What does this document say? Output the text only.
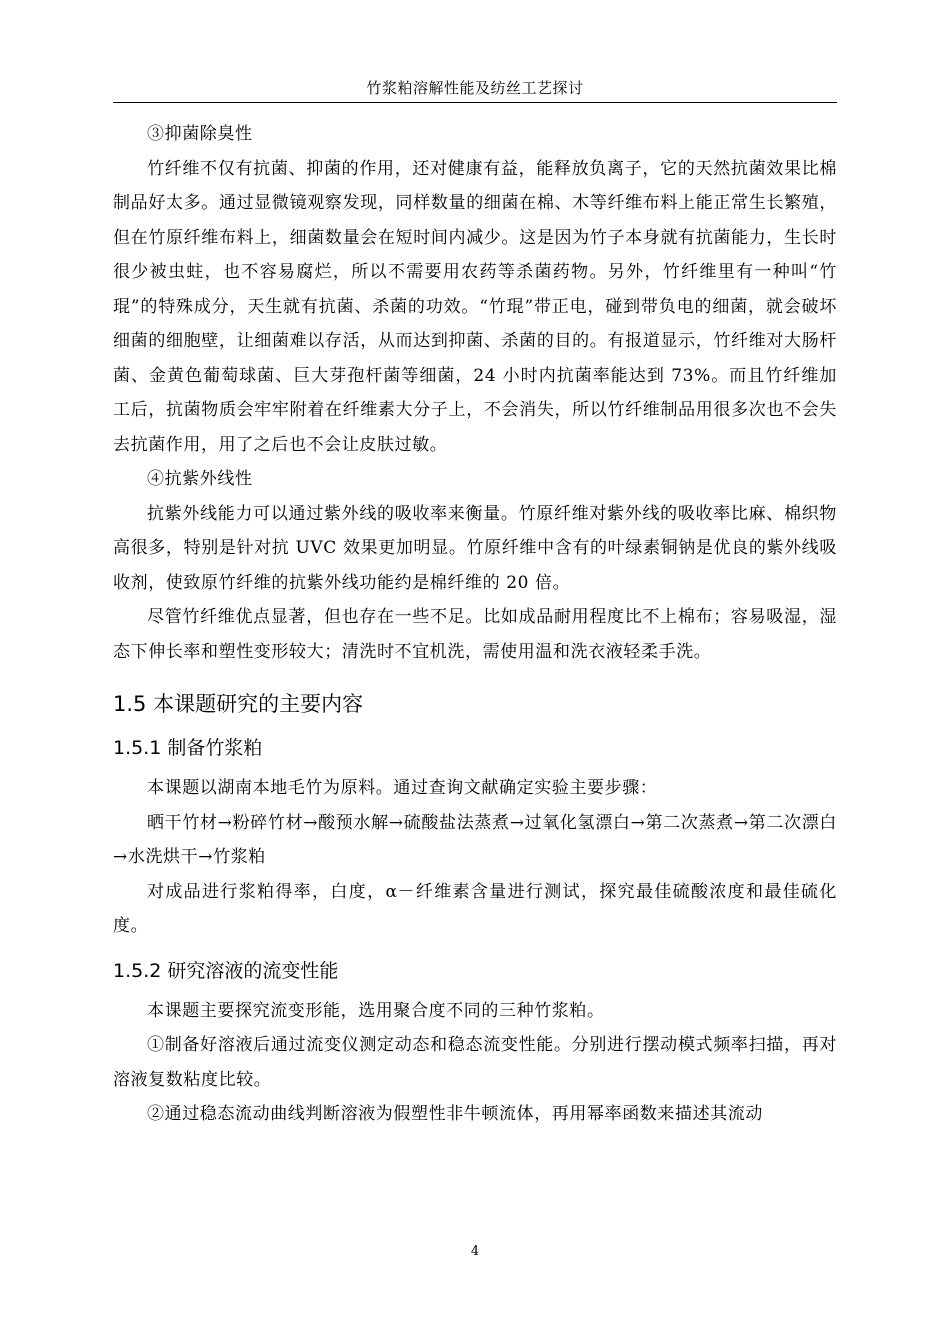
竹浆粕溶解性能及纺丝工艺探讨

③抑菌除臭性

竹纤维不仅有抗菌、抑菌的作用，还对健康有益，能释放负离子，它的天然抗菌效果比棉制品好太多。通过显微镜观察发现，同样数量的细菌在棉、木等纤维布料上能正常生长繁殖，但在竹原纤维布料上，细菌数量会在短时间内减少。这是因为竹子本身就有抗菌能力，生长时很少被虫蛀，也不容易腐烂，所以不需要用农药等杀菌药物。另外，竹纤维里有一种叫“竹琨”的特殊成分，天生就有抗菌、杀菌的功效。“竹琨”带正电，碰到带负电的细菌，就会破坏细菌的细胞壁，让细菌难以存活，从而达到抑菌、杀菌的目的。有报道显示，竹纤维对大肠杆菌、金黄色葡萄球菌、巨大芽孢杆菌等细菌，24 小时内抗菌率能达到 73%。而且竹纤维加工后，抗菌物质会牢牢附着在纤维素大分子上，不会消失，所以竹纤维制品用很多次也不会失去抗菌作用，用了之后也不会让皮肤过敏。

④抗紫外线性

抗紫外线能力可以通过紫外线的吸收率来衡量。竹原纤维对紫外线的吸收率比麻、棉织物高很多，特别是针对抗 UVC 效果更加明显。竹原纤维中含有的叶绿素铜钠是优良的紫外线吸收剂，使致原竹纤维的抗紫外线功能约是棉纤维的 20 倍。

尽管竹纤维优点显著，但也存在一些不足。比如成品耐用程度比不上棉布；容易吸湿，湿态下伸长率和塑性变形较大；清洗时不宜机洗，需使用温和洗衣液轻柔手洗。

1.5 本课题研究的主要内容
1.5.1 制备竹浆粕

本课题以湖南本地毛竹为原料。通过查询文献确定实验主要步骤：

晒干竹材→粉碎竹材→酸预水解→硫酸盐法蒸煮→过氧化氢漂白→第二次蒸煮→第二次漂白→水洗烘干→竹浆粕

对成品进行浆粕得率，白度，α－纤维素含量进行测试，探究最佳硫酸浓度和最佳硫化度。

1.5.2 研究溶液的流变性能

本课题主要探究流变形能，选用聚合度不同的三种竹浆粕。

①制备好溶液后通过流变仪测定动态和稳态流变性能。分别进行摆动模式频率扫描，再对溶液复数粘度比较。

②通过稳态流动曲线判断溶液为假塑性非牛顿流体，再用幂率函数来描述其流动

4
